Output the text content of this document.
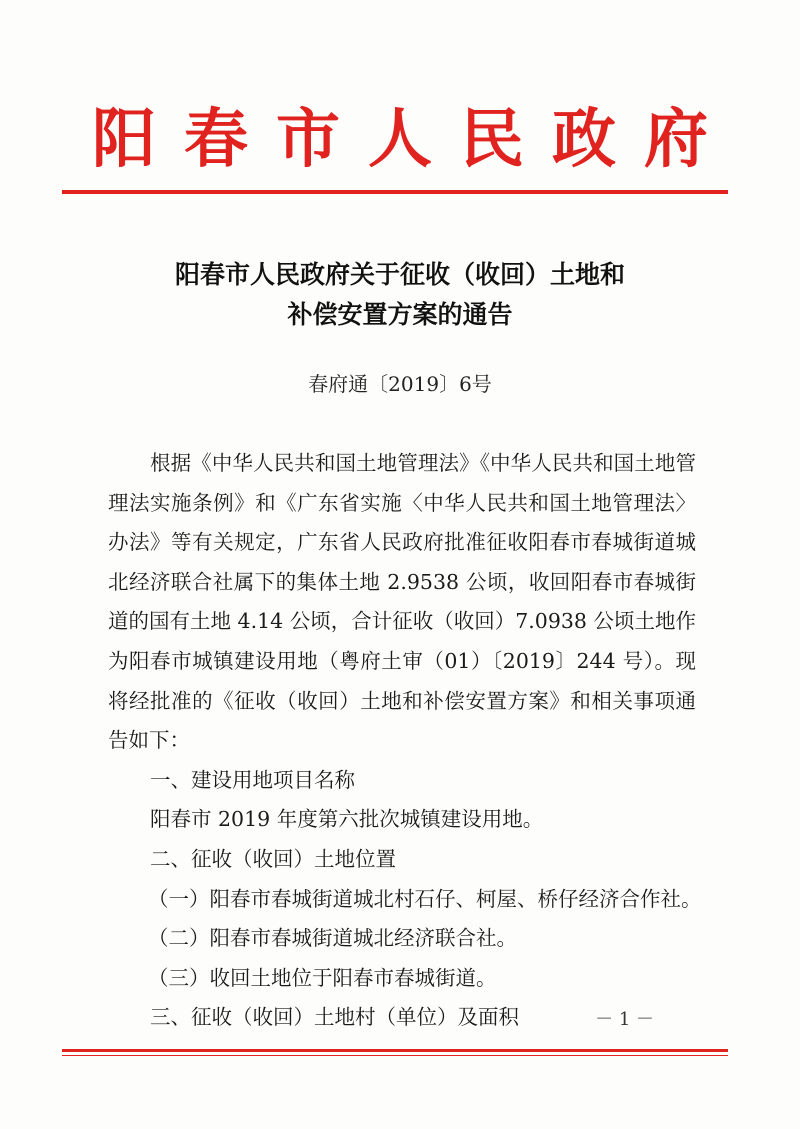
阳春市人民政府
阳春市人民政府关于征收（收回）土地和
补偿安置方案的通告
春府通〔2019〕6号

根据《中华人民共和国土地管理法》《中华人民共和国土地管理法实施条例》和《广东省实施〈中华人民共和国土地管理法〉办法》等有关规定，广东省人民政府批准征收阳春市春城街道城北经济联合社属下的集体土地 2.9538 公顷，收回阳春市春城街道的国有土地 4.14 公顷，合计征收（收回）7.0938 公顷土地作为阳春市城镇建设用地（粤府土审（01）〔2019〕244 号）。现将经批准的《征收（收回）土地和补偿安置方案》和相关事项通告如下：

一、建设用地项目名称

阳春市 2019 年度第六批次城镇建设用地。

二、征收（收回）土地位置

（一）阳春市春城街道城北村石仔、柯屋、桥仔经济合作社。

（二）阳春市春城街道城北经济联合社。

（三）收回土地位于阳春市春城街道。

三、征收（收回）土地村（单位）及面积	－ 1 －
